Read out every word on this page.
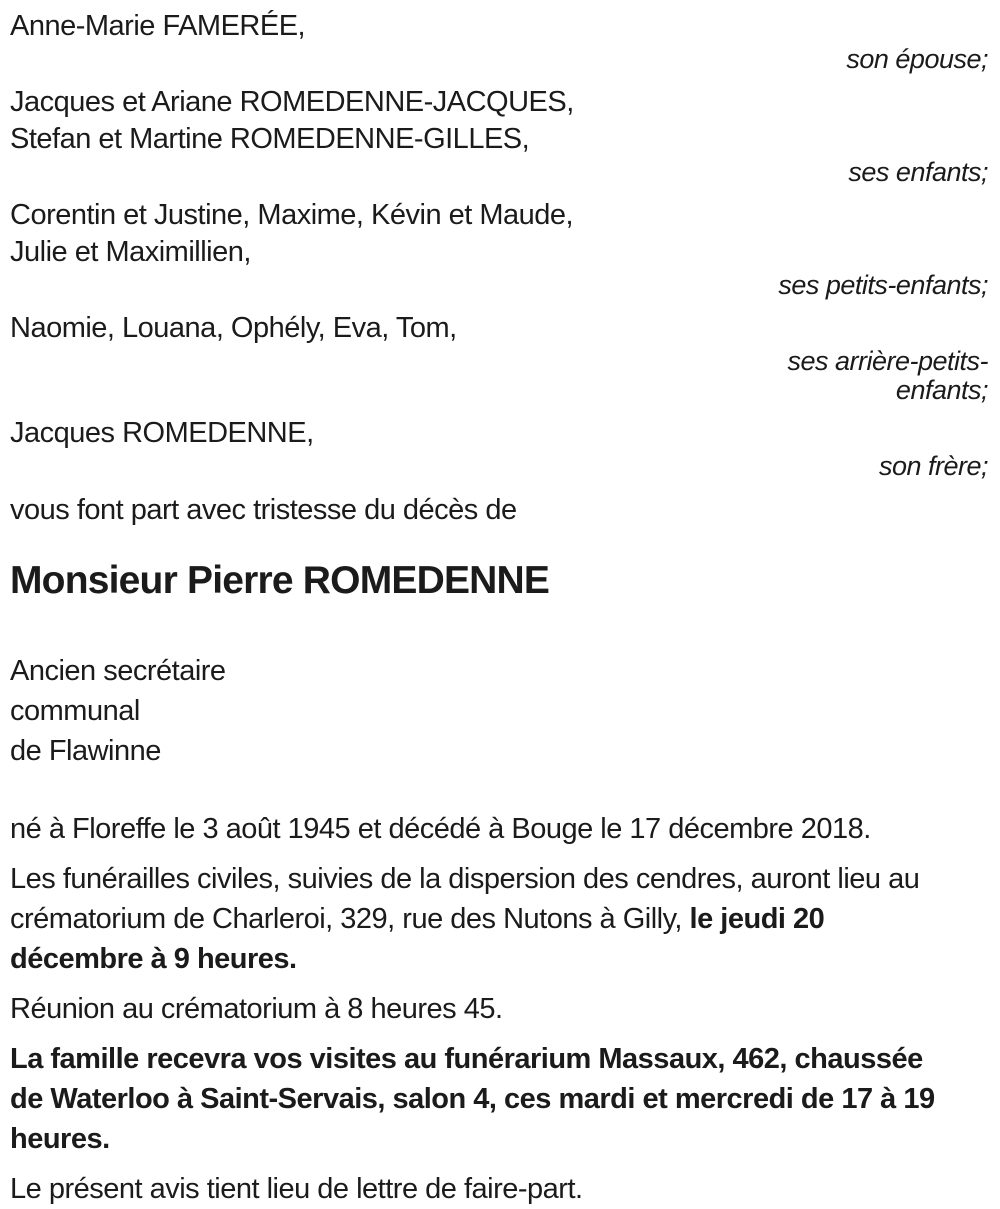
Anne-Marie FAMERÉE,
son épouse;
Jacques et Ariane ROMEDENNE-JACQUES,
Stefan et Martine ROMEDENNE-GILLES,
ses enfants;
Corentin et Justine, Maxime, Kévin et Maude,
Julie et Maximillien,
ses petits-enfants;
Naomie, Louana, Ophély, Eva, Tom,
ses arrière-petits-enfants;
Jacques ROMEDENNE,
son frère;

vous font part avec tristesse du décès de

Monsieur Pierre ROMEDENNE
Ancien secrétaire
communal
de Flawinne

né à Floreffe le 3 août 1945 et décédé à Bouge le 17 décembre 2018.

Les funérailles civiles, suivies de la dispersion des cendres, auront lieu au crématorium de Charleroi, 329, rue des Nutons à Gilly, le jeudi 20 décembre à 9 heures.

Réunion au crématorium à 8 heures 45.

La famille recevra vos visites au funérarium Massaux, 462, chaussée de Waterloo à Saint-Servais, salon 4, ces mardi et mercredi de 17 à 19 heures.

Le présent avis tient lieu de lettre de faire-part.
